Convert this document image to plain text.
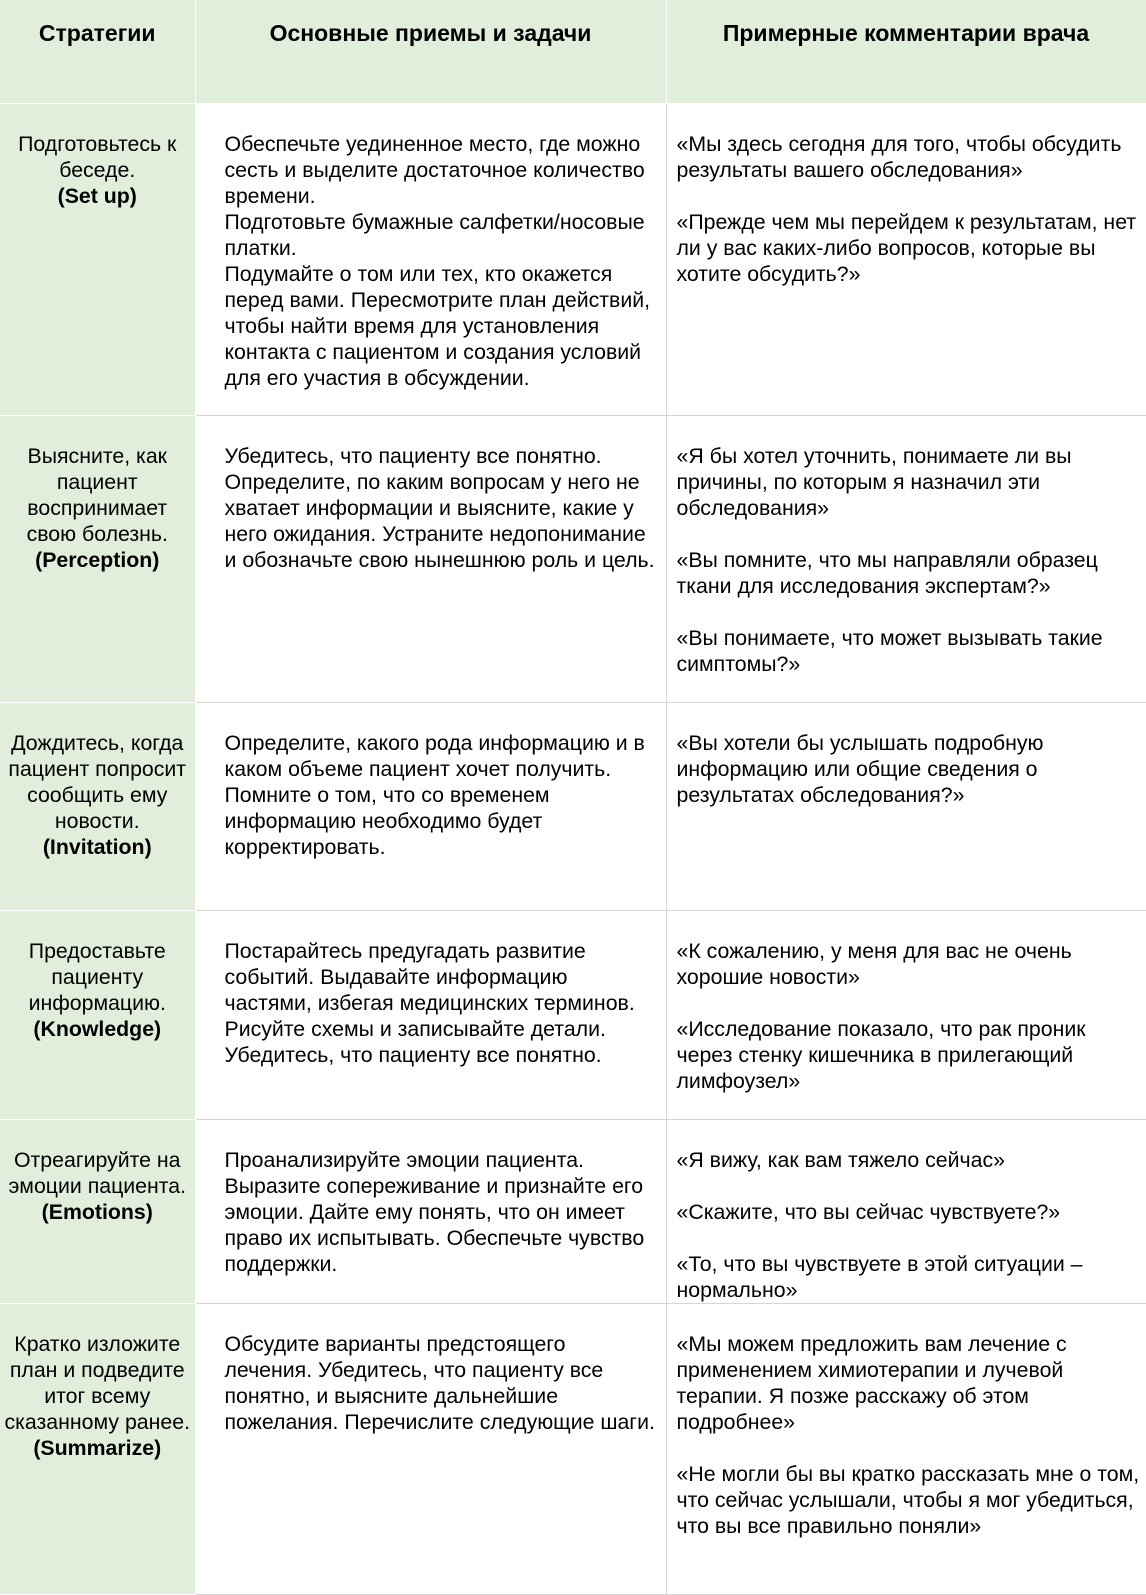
Стратегии	Основные приемы и задачи	Примерные комментарии врача

Подготовьтесь к беседе.
(Set up)	Обеспечьте уединенное место, где можно сесть и выделите достаточное количество времени.
Подготовьте бумажные салфетки/носовые платки.
Подумайте о том или тех, кто окажется перед вами. Пересмотрите план действий, чтобы найти время для установления контакта с пациентом и создания условий для его участия в обсуждении.	«Мы здесь сегодня для того, чтобы обсудить результаты вашего обследования»
«Прежде чем мы перейдем к результатам, нет ли у вас каких-либо вопросов, которые вы хотите обсудить?»

Выясните, как пациент воспринимает свою болезнь.
(Perception)	Убедитесь, что пациенту все понятно. Определите, по каким вопросам у него не хватает информации и выясните, какие у него ожидания. Устраните недопонимание и обозначьте свою нынешнюю роль и цель.	«Я бы хотел уточнить, понимаете ли вы причины, по которым я назначил эти обследования»
«Вы помните, что мы направляли образец ткани для исследования экспертам?»
«Вы понимаете, что может вызывать такие симптомы?»

Дождитесь, когда пациент попросит сообщить ему новости.
(Invitation)	Определите, какого рода информацию и в каком объеме пациент хочет получить. Помните о том, что со временем информацию необходимо будет корректировать.	«Вы хотели бы услышать подробную информацию или общие сведения о результатах обследования?»

Предоставьте пациенту информацию.
(Knowledge)	Постарайтесь предугадать развитие событий. Выдавайте информацию частями, избегая медицинских терминов. Рисуйте схемы и записывайте детали. Убедитесь, что пациенту все понятно.	«К сожалению, у меня для вас не очень хорошие новости»
«Исследование показало, что рак проник через стенку кишечника в прилегающий лимфоузел»

Отреагируйте на эмоции пациента.
(Emotions)	Проанализируйте эмоции пациента. Выразите сопереживание и признайте его эмоции. Дайте ему понять, что он имеет право их испытывать. Обеспечьте чувство поддержки.	«Я вижу, как вам тяжело сейчас»
«Скажите, что вы сейчас чувствуете?»
«То, что вы чувствуете в этой ситуации – нормально»

Кратко изложите план и подведите итог всему сказанному ранее.
(Summarize)	Обсудите варианты предстоящего лечения. Убедитесь, что пациенту все понятно, и выясните дальнейшие пожелания. Перечислите следующие шаги.	«Мы можем предложить вам лечение с применением химиотерапии и лучевой терапии. Я позже расскажу об этом подробнее»
«Не могли бы вы кратко рассказать мне о том, что сейчас услышали, чтобы я мог убедиться, что вы все правильно поняли»
